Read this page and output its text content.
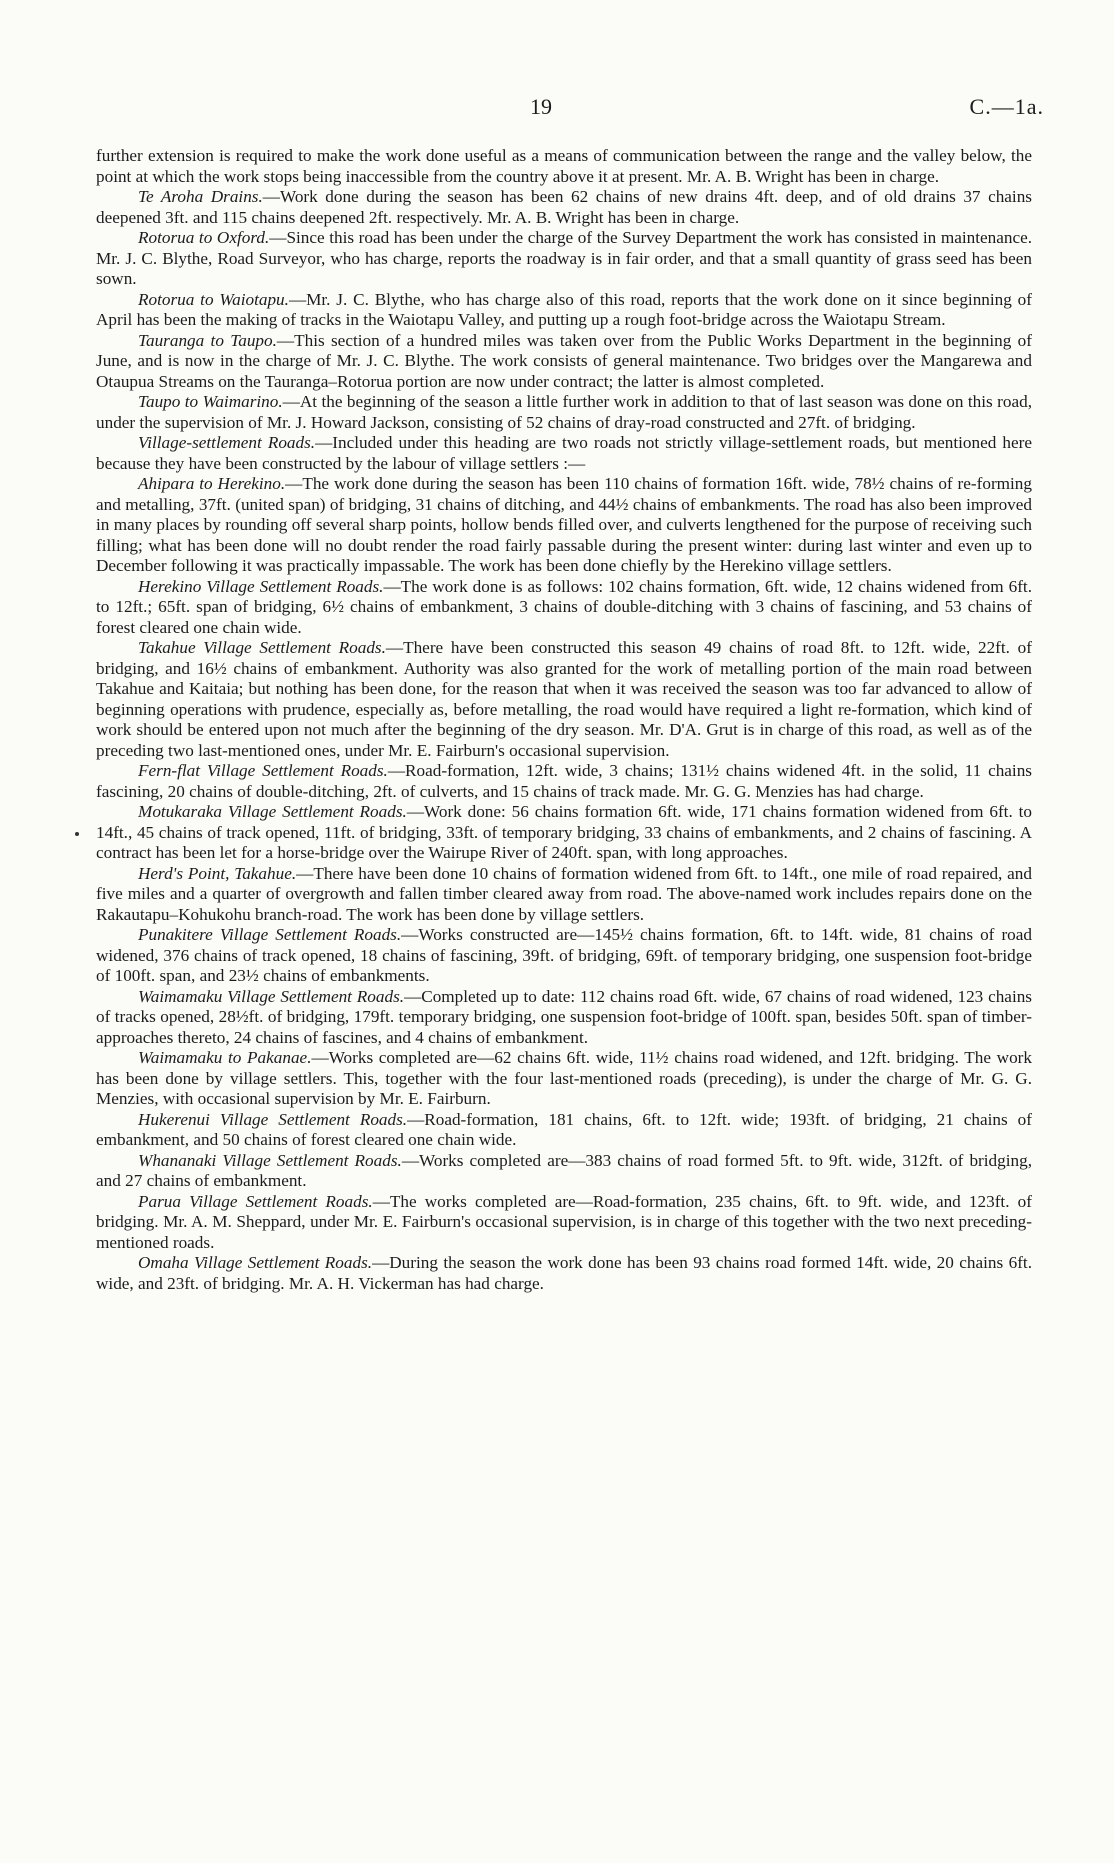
19	C.—1a.

further extension is required to make the work done useful as a means of communication between the range and the valley below, the point at which the work stops being inaccessible from the country above it at present. Mr. A. B. Wright has been in charge.

Te Aroha Drains.—Work done during the season has been 62 chains of new drains 4ft. deep, and of old drains 37 chains deepened 3ft. and 115 chains deepened 2ft. respectively. Mr. A. B. Wright has been in charge.

Rotorua to Oxford.—Since this road has been under the charge of the Survey Department the work has consisted in maintenance. Mr. J. C. Blythe, Road Surveyor, who has charge, reports the roadway is in fair order, and that a small quantity of grass seed has been sown.

Rotorua to Waiotapu.—Mr. J. C. Blythe, who has charge also of this road, reports that the work done on it since beginning of April has been the making of tracks in the Waiotapu Valley, and putting up a rough foot-bridge across the Waiotapu Stream.

Tauranga to Taupo.—This section of a hundred miles was taken over from the Public Works Department in the beginning of June, and is now in the charge of Mr. J. C. Blythe. The work consists of general maintenance. Two bridges over the Mangarewa and Otaupua Streams on the Tauranga–Rotorua portion are now under contract; the latter is almost completed.

Taupo to Waimarino.—At the beginning of the season a little further work in addition to that of last season was done on this road, under the supervision of Mr. J. Howard Jackson, consisting of 52 chains of dray-road constructed and 27ft. of bridging.

Village-settlement Roads.—Included under this heading are two roads not strictly village-settlement roads, but mentioned here because they have been constructed by the labour of village settlers :—

Ahipara to Herekino.—The work done during the season has been 110 chains of formation 16ft. wide, 78½ chains of re-forming and metalling, 37ft. (united span) of bridging, 31 chains of ditching, and 44½ chains of embankments. The road has also been improved in many places by rounding off several sharp points, hollow bends filled over, and culverts lengthened for the purpose of receiving such filling; what has been done will no doubt render the road fairly passable during the present winter: during last winter and even up to December following it was practically impassable. The work has been done chiefly by the Herekino village settlers.

Herekino Village Settlement Roads.—The work done is as follows: 102 chains formation, 6ft. wide, 12 chains widened from 6ft. to 12ft.; 65ft. span of bridging, 6½ chains of embankment, 3 chains of double-ditching with 3 chains of fascining, and 53 chains of forest cleared one chain wide.

Takahue Village Settlement Roads.—There have been constructed this season 49 chains of road 8ft. to 12ft. wide, 22ft. of bridging, and 16½ chains of embankment. Authority was also granted for the work of metalling portion of the main road between Takahue and Kaitaia; but nothing has been done, for the reason that when it was received the season was too far advanced to allow of beginning operations with prudence, especially as, before metalling, the road would have required a light re-formation, which kind of work should be entered upon not much after the beginning of the dry season. Mr. D'A. Grut is in charge of this road, as well as of the preceding two last-mentioned ones, under Mr. E. Fairburn's occasional supervision.

Fern-flat Village Settlement Roads.—Road-formation, 12ft. wide, 3 chains; 131½ chains widened 4ft. in the solid, 11 chains fascining, 20 chains of double-ditching, 2ft. of culverts, and 15 chains of track made. Mr. G. G. Menzies has had charge.

Motukaraka Village Settlement Roads.—Work done: 56 chains formation 6ft. wide, 171 chains formation widened from 6ft. to 14ft., 45 chains of track opened, 11ft. of bridging, 33ft. of temporary bridging, 33 chains of embankments, and 2 chains of fascining. A contract has been let for a horse-bridge over the Wairupe River of 240ft. span, with long approaches.

Herd's Point, Takahue.—There have been done 10 chains of formation widened from 6ft. to 14ft., one mile of road repaired, and five miles and a quarter of overgrowth and fallen timber cleared away from road. The above-named work includes repairs done on the Rakautapu–Kohukohu branch-road. The work has been done by village settlers.

Punakitere Village Settlement Roads.—Works constructed are—145½ chains formation, 6ft. to 14ft. wide, 81 chains of road widened, 376 chains of track opened, 18 chains of fascining, 39ft. of bridging, 69ft. of temporary bridging, one suspension foot-bridge of 100ft. span, and 23½ chains of embankments.

Waimamaku Village Settlement Roads.—Completed up to date: 112 chains road 6ft. wide, 67 chains of road widened, 123 chains of tracks opened, 28½ft. of bridging, 179ft. temporary bridging, one suspension foot-bridge of 100ft. span, besides 50ft. span of timber-approaches thereto, 24 chains of fascines, and 4 chains of embankment.

Waimamaku to Pakanae.—Works completed are—62 chains 6ft. wide, 11½ chains road widened, and 12ft. bridging. The work has been done by village settlers. This, together with the four last-mentioned roads (preceding), is under the charge of Mr. G. G. Menzies, with occasional supervision by Mr. E. Fairburn.

Hukerenui Village Settlement Roads.—Road-formation, 181 chains, 6ft. to 12ft. wide; 193ft. of bridging, 21 chains of embankment, and 50 chains of forest cleared one chain wide.

Whananaki Village Settlement Roads.—Works completed are—383 chains of road formed 5ft. to 9ft. wide, 312ft. of bridging, and 27 chains of embankment.

Parua Village Settlement Roads.—The works completed are—Road-formation, 235 chains, 6ft. to 9ft. wide, and 123ft. of bridging. Mr. A. M. Sheppard, under Mr. E. Fairburn's occasional supervision, is in charge of this together with the two next preceding-mentioned roads.

Omaha Village Settlement Roads.—During the season the work done has been 93 chains road formed 14ft. wide, 20 chains 6ft. wide, and 23ft. of bridging. Mr. A. H. Vickerman has had charge.
